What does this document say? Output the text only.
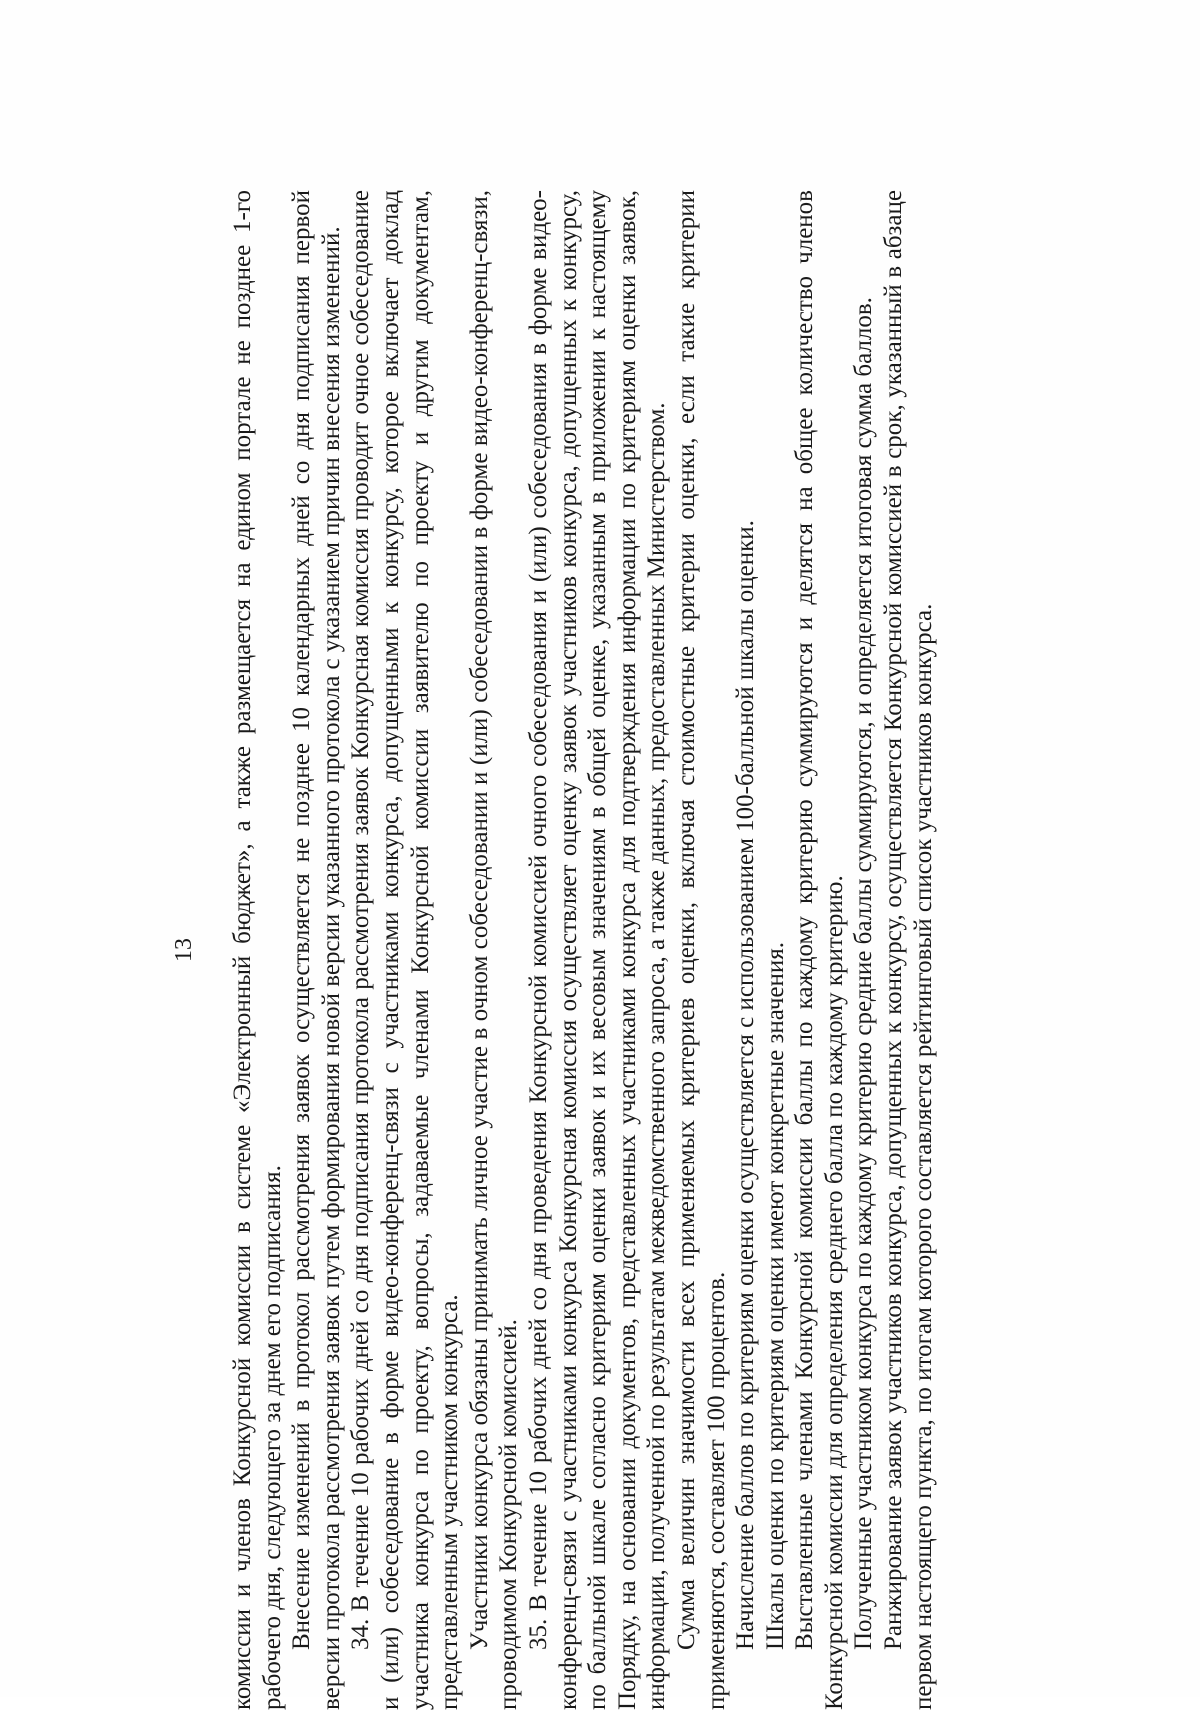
13 комиссии и членов Конкурсной комиссии в системе «Электронный бюджет», а также размещается на едином портале не позднее 1-го рабочего дня, следующего за днем его подписания. Внесение изменений в протокол рассмотрения заявок осуществляется не позднее 10 календарных дней со дня подписания первой версии протокола рассмотрения заявок путем формирования новой версии указанного протокола с указанием причин внесения изменений. 34. В течение 10 рабочих дней со дня подписания протокола рассмотрения заявок Конкурсная комиссия проводит очное собеседование и (или) собеседование в форме видео-конференц-связи с участниками конкурса, допущенными к конкурсу, которое включает доклад участника конкурса по проекту, вопросы, задаваемые членами Конкурсной комиссии заявителю по проекту и другим документам, представленным участником конкурса. Участники конкурса обязаны принимать личное участие в очном собеседовании и (или) собеседовании в форме видео-конференц-связи, проводимом Конкурсной комиссией. 35. В течение 10 рабочих дней со дня проведения Конкурсной комиссией очного собеседования и (или) собеседования в форме видео-конференц-связи с участниками конкурса Конкурсная комиссия осуществляет оценку заявок участников конкурса, допущенных к конкурсу, по балльной шкале согласно критериям оценки заявок и их весовым значениям в общей оценке, указанным в приложении к настоящему Порядку, на основании документов, представленных участниками конкурса для подтверждения информации по критериям оценки заявок, информации, полученной по результатам межведомственного запроса, а также данных, предоставленных Министерством. Сумма величин значимости всех применяемых критериев оценки, включая стоимостные критерии оценки, если такие критерии применяются, составляет 100 процентов. Начисление баллов по критериям оценки осуществляется с использованием 100-балльной шкалы оценки. Шкалы оценки по критериям оценки имеют конкретные значения. Выставленные членами Конкурсной комиссии баллы по каждому критерию суммируются и делятся на общее количество членов Конкурсной комиссии для определения среднего балла по каждому критерию. Полученные участником конкурса по каждому критерию средние баллы суммируются, и определяется итоговая сумма баллов. Ранжирование заявок участников конкурса, допущенных к конкурсу, осуществляется Конкурсной комиссией в срок, указанный в абзаце первом настоящего пункта, по итогам которого составляется рейтинговый список участников конкурса.
